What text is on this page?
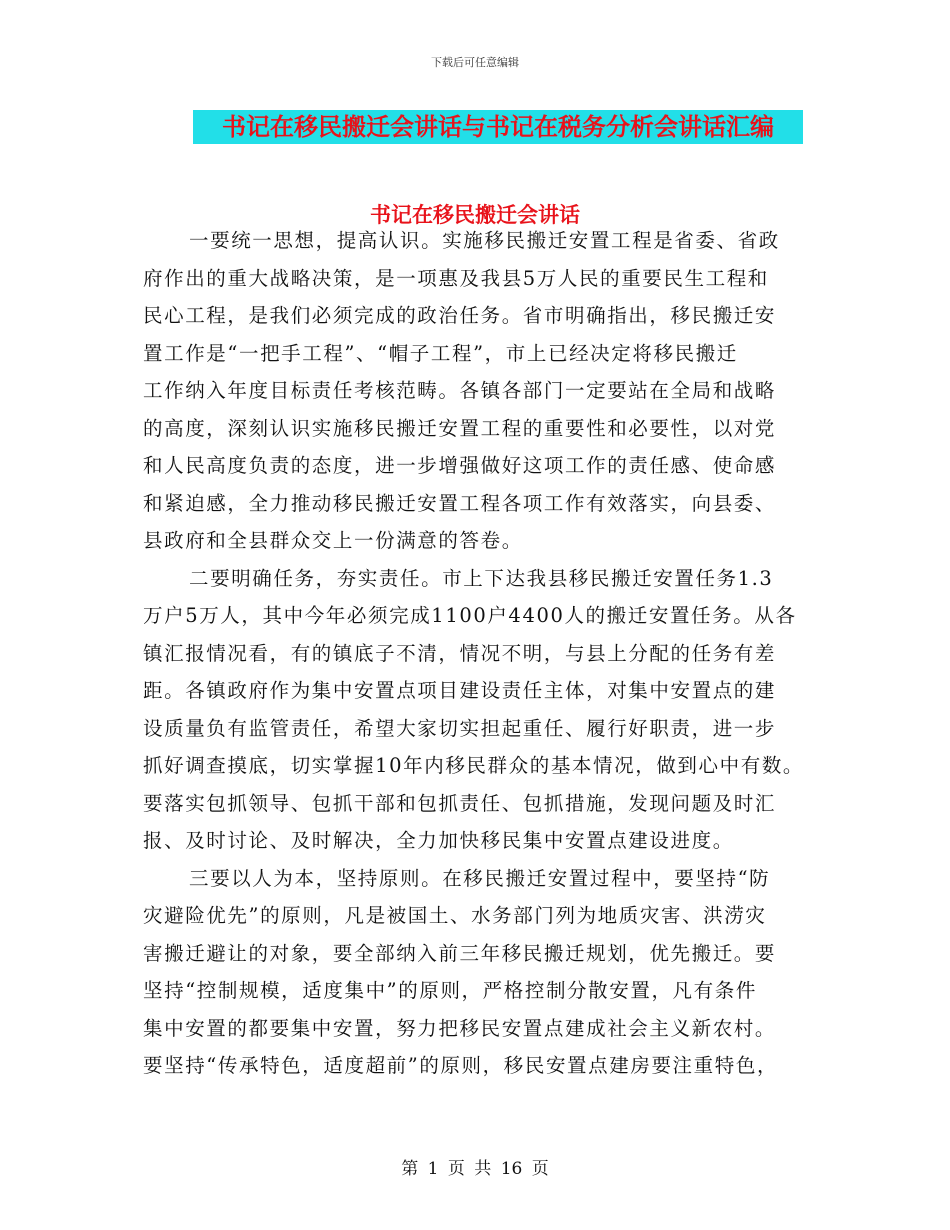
下载后可任意编辑
书记在移民搬迁会讲话与书记在税务分析会讲话汇编
书记在移民搬迁会讲话
一要统一思想，提高认识。实施移民搬迁安置工程是省委、省政
府作出的重大战略决策，是一项惠及我县5万人民的重要民生工程和
民心工程，是我们必须完成的政治任务。省市明确指出，移民搬迁安
置工作是“一把手工程”、“帽子工程”，市上已经决定将移民搬迁
工作纳入年度目标责任考核范畴。各镇各部门一定要站在全局和战略
的高度，深刻认识实施移民搬迁安置工程的重要性和必要性，以对党
和人民高度负责的态度，进一步增强做好这项工作的责任感、使命感
和紧迫感，全力推动移民搬迁安置工程各项工作有效落实，向县委、
县政府和全县群众交上一份满意的答卷。
二要明确任务，夯实责任。市上下达我县移民搬迁安置任务1.3
万户5万人，其中今年必须完成1100户4400人的搬迁安置任务。从各
镇汇报情况看，有的镇底子不清，情况不明，与县上分配的任务有差
距。各镇政府作为集中安置点项目建设责任主体，对集中安置点的建
设质量负有监管责任，希望大家切实担起重任、履行好职责，进一步
抓好调查摸底，切实掌握10年内移民群众的基本情况，做到心中有数。
要落实包抓领导、包抓干部和包抓责任、包抓措施，发现问题及时汇
报、及时讨论、及时解决，全力加快移民集中安置点建设进度。
三要以人为本，坚持原则。在移民搬迁安置过程中，要坚持“防
灾避险优先”的原则，凡是被国土、水务部门列为地质灾害、洪涝灾
害搬迁避让的对象，要全部纳入前三年移民搬迁规划，优先搬迁。要
坚持“控制规模，适度集中”的原则，严格控制分散安置，凡有条件
集中安置的都要集中安置，努力把移民安置点建成社会主义新农村。
要坚持“传承特色，适度超前”的原则，移民安置点建房要注重特色，
第 1 页 共 16 页
